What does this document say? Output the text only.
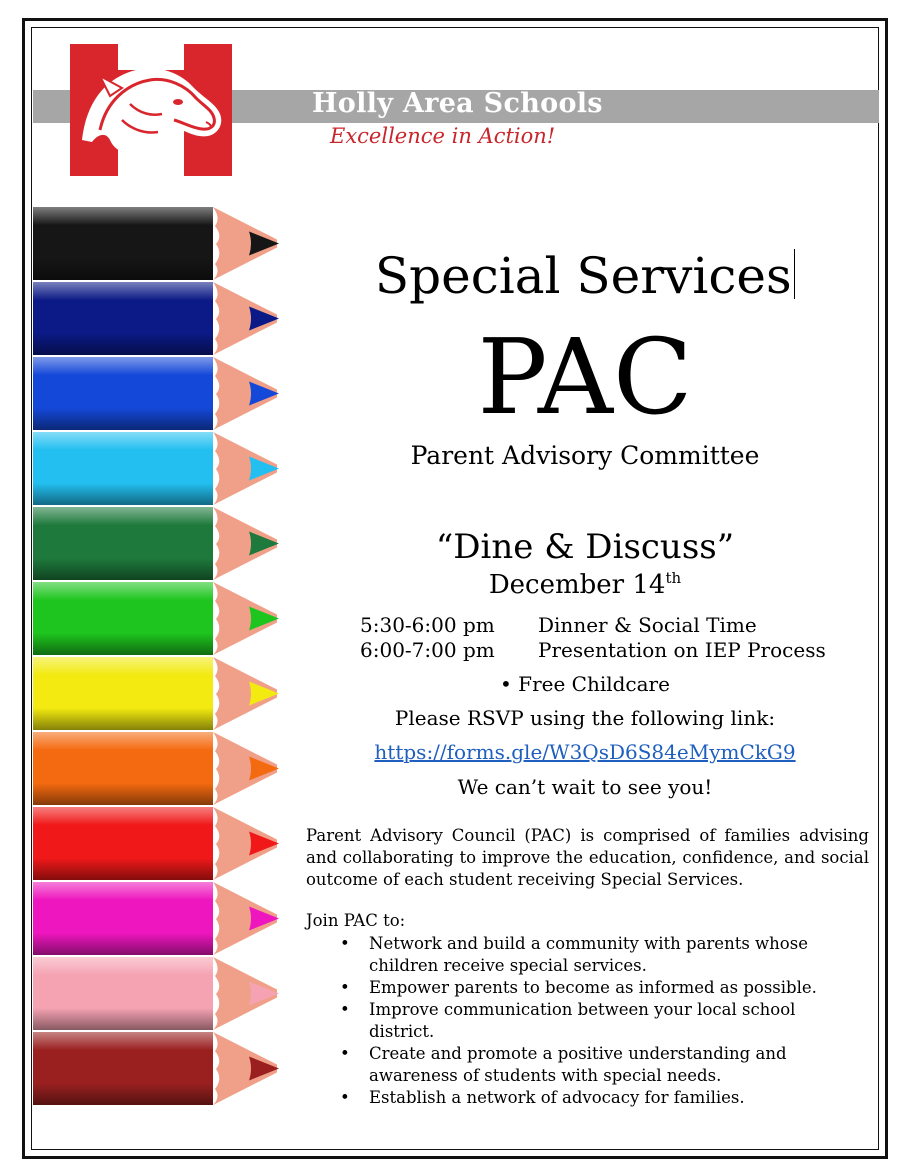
Holly Area Schools
Excellence in Action!
Special Services
PAC
Parent Advisory Committee
“Dine & Discuss”
December 14th
5:30-6:00 pm Dinner & Social Time
6:00-7:00 pm Presentation on IEP Process
• Free Childcare
Please RSVP using the following link:
https://forms.gle/W3QsD6S84eMymCkG9
We can’t wait to see you!
Parent Advisory Council (PAC) is comprised of families advising and collaborating to improve the education, confidence, and social outcome of each student receiving Special Services.
Join PAC to:
• Network and build a community with parents whose children receive special services.
• Empower parents to become as informed as possible.
• Improve communication between your local school district.
• Create and promote a positive understanding and awareness of students with special needs.
• Establish a network of advocacy for families.
